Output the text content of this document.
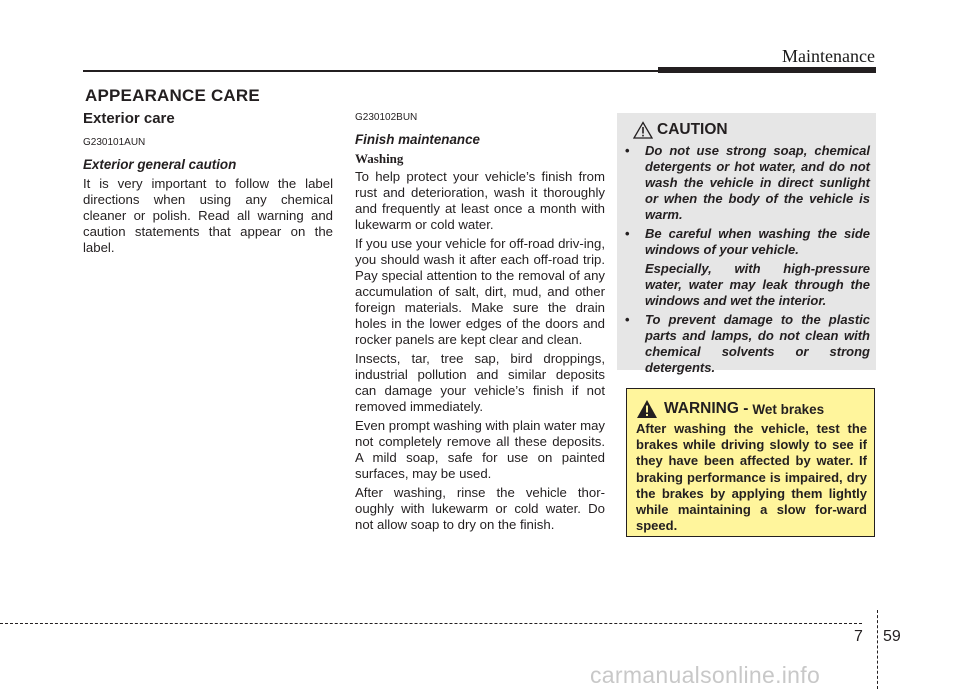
Maintenance
APPEARANCE CARE
Exterior care
G230101AUN
Exterior general caution
It is very important to follow the label directions when using any chemical cleaner or polish. Read all warning and caution statements that appear on the label.
G230102BUN
Finish maintenance
Washing
To help protect your vehicle’s finish from rust and deterioration, wash it thoroughly and frequently at least once a month with lukewarm or cold water.
If you use your vehicle for off-road driv-ing, you should wash it after each off-road trip. Pay special attention to the removal of any accumulation of salt, dirt, mud, and other foreign materials. Make sure the drain holes in the lower edges of the doors and rocker panels are kept clear and clean.
Insects, tar, tree sap, bird droppings, industrial pollution and similar deposits can damage your vehicle’s finish if not removed immediately.
Even prompt washing with plain water may not completely remove all these deposits. A mild soap, safe for use on painted surfaces, may be used.
After washing, rinse the vehicle thor-oughly with lukewarm or cold water. Do not allow soap to dry on the finish.
CAUTION
• Do not use strong soap, chemical detergents or hot water, and do not wash the vehicle in direct sunlight or when the body of the vehicle is warm.
• Be careful when washing the side windows of your vehicle.
Especially, with high-pressure water, water may leak through the windows and wet the interior.
• To prevent damage to the plastic parts and lamps, do not clean with chemical solvents or strong detergents.
WARNING - Wet brakes
After washing the vehicle, test the brakes while driving slowly to see if they have been affected by water. If braking performance is impaired, dry the brakes by applying them lightly while maintaining a slow for-ward speed.
7 59
carmanualsonline.info
